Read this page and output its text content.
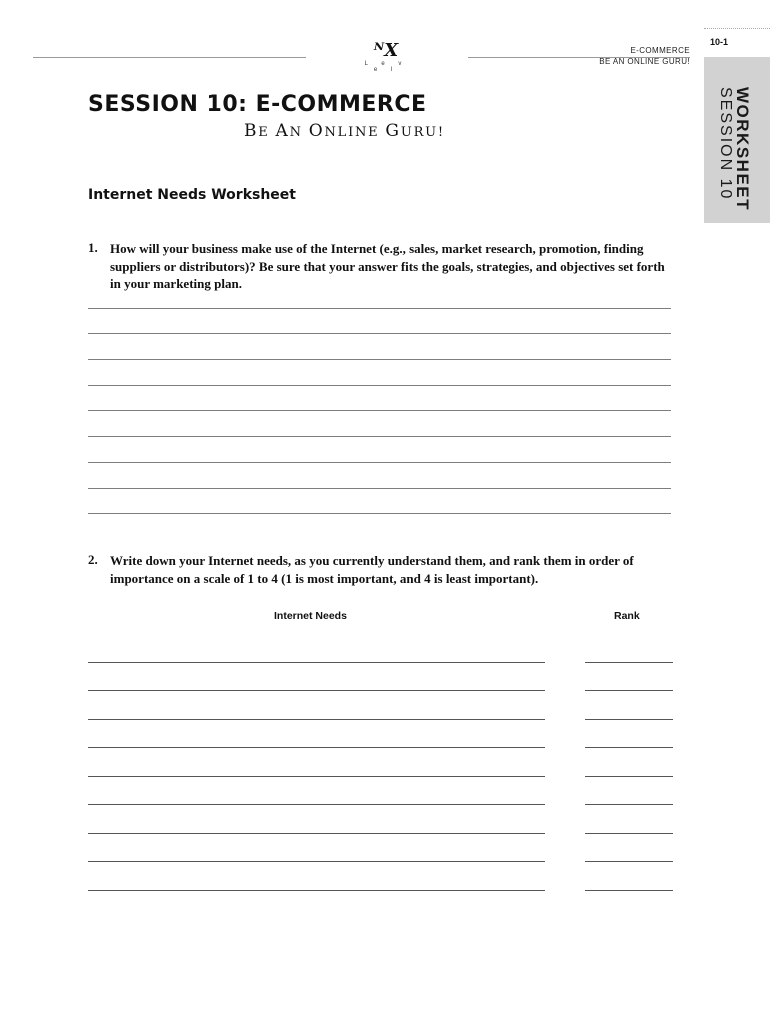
ᴺX
L e v e l
E-COMMERCE
BE AN ONLINE GURU!
10-1
WORKSHEET
SESSION 10
SESSION 10: E-COMMERCE
BE AN ONLINE GURU!
Internet Needs Worksheet
1. How will your business make use of the Internet (e.g., sales, market research, promotion, finding suppliers or distributors)? Be sure that your answer fits the goals, strategies, and objectives set forth in your marketing plan.
2. Write down your Internet needs, as you currently understand them, and rank them in order of importance on a scale of 1 to 4 (1 is most important, and 4 is least important).
Internet Needs	Rank
